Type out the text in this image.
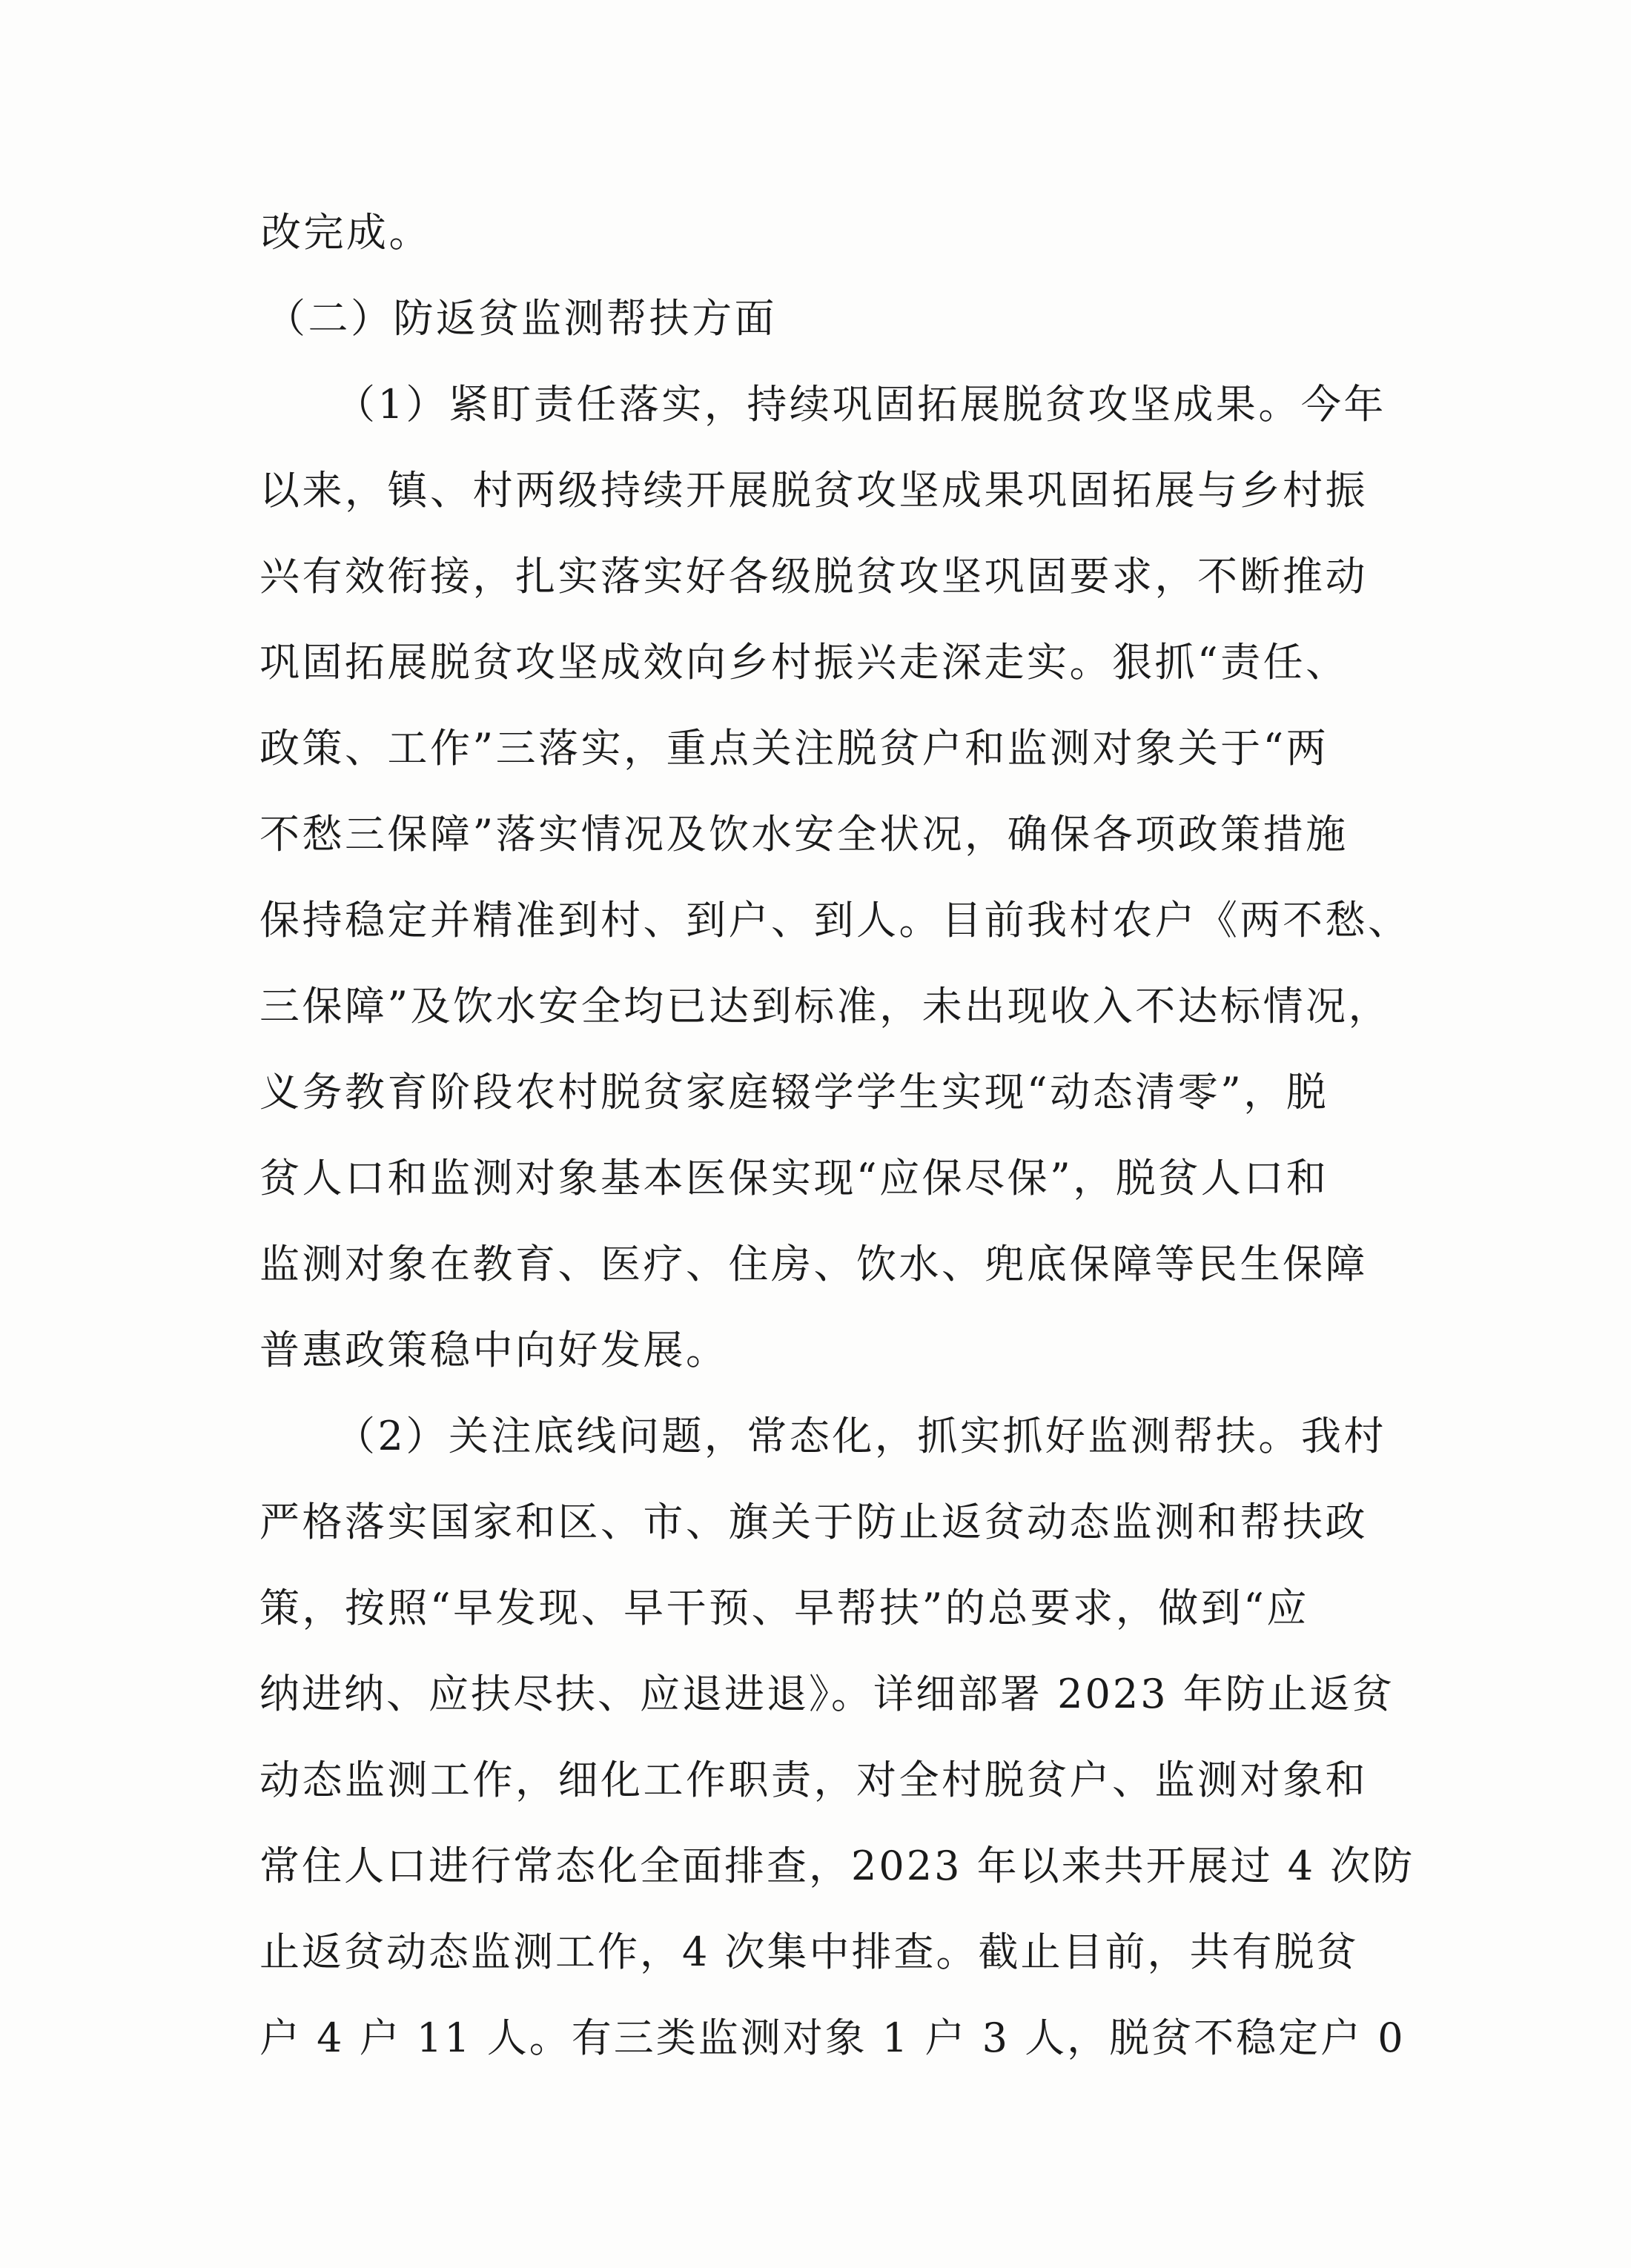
改完成。
（二）防返贫监测帮扶方面
（1）紧盯责任落实，持续巩固拓展脱贫攻坚成果。今年
以来，镇、村两级持续开展脱贫攻坚成果巩固拓展与乡村振
兴有效衔接，扎实落实好各级脱贫攻坚巩固要求，不断推动
巩固拓展脱贫攻坚成效向乡村振兴走深走实。狠抓“责任、
政策、工作”三落实，重点关注脱贫户和监测对象关于“两
不愁三保障”落实情况及饮水安全状况，确保各项政策措施
保持稳定并精准到村、到户、到人。目前我村农户《两不愁、
三保障”及饮水安全均已达到标准，未出现收入不达标情况，
义务教育阶段农村脱贫家庭辍学学生实现“动态清零”，脱
贫人口和监测对象基本医保实现“应保尽保”，脱贫人口和
监测对象在教育、医疗、住房、饮水、兜底保障等民生保障
普惠政策稳中向好发展。
（2）关注底线问题，常态化，抓实抓好监测帮扶。我村
严格落实国家和区、市、旗关于防止返贫动态监测和帮扶政
策，按照“早发现、早干预、早帮扶”的总要求，做到“应
纳进纳、应扶尽扶、应退进退》。详细部署 2023 年防止返贫
动态监测工作，细化工作职责，对全村脱贫户、监测对象和
常住人口进行常态化全面排查，2023 年以来共开展过 4 次防
止返贫动态监测工作，4 次集中排查。截止目前，共有脱贫
户 4 户 11 人。有三类监测对象 1 户 3 人，脱贫不稳定户 0
